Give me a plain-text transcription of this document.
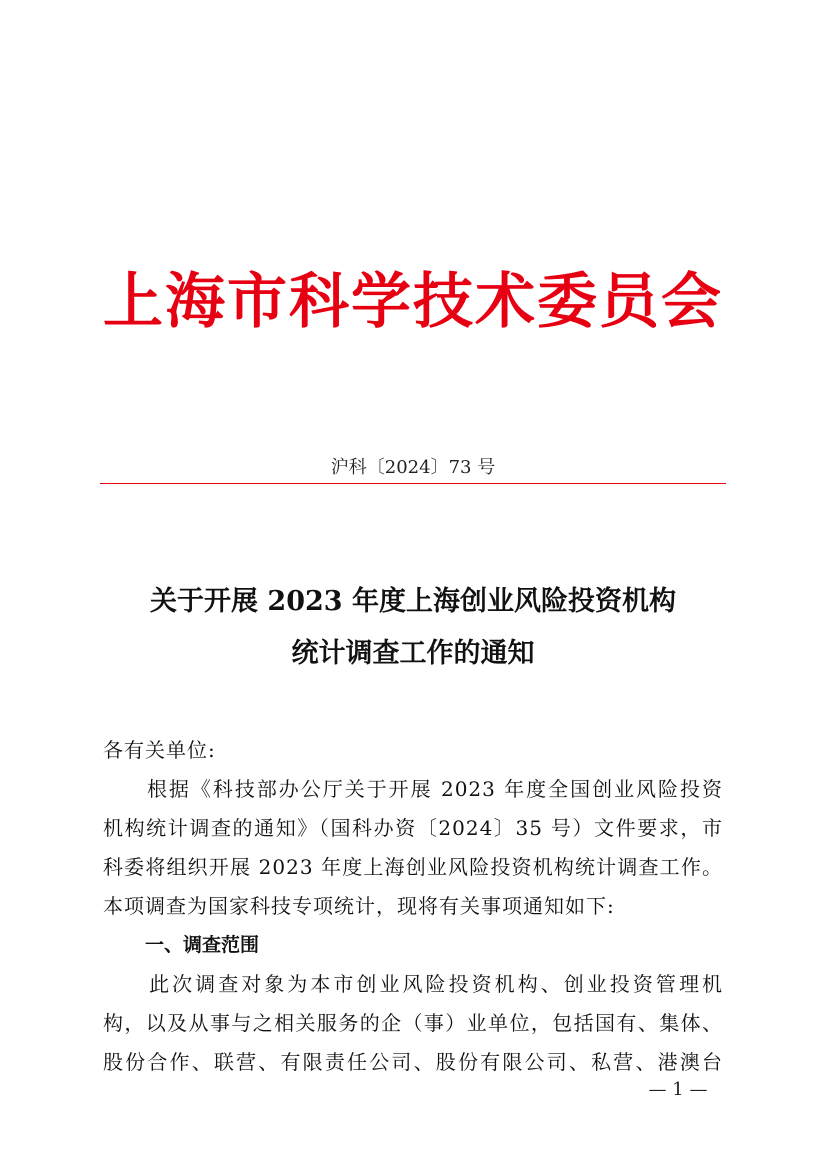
上海市科学技术委员会
沪科〔2024〕73 号
关于开展 2023 年度上海创业风险投资机构
统计调查工作的通知
各有关单位:
　　根据《科技部办公厅关于开展 2023 年度全国创业风险投资
机构统计调查的通知》（国科办资〔2024〕35 号）文件要求，市
科委将组织开展 2023 年度上海创业风险投资机构统计调查工作。
本项调查为国家科技专项统计，现将有关事项通知如下:
一、调查范围
　　此次调查对象为本市创业风险投资机构、创业投资管理机
构，以及从事与之相关服务的企（事）业单位，包括国有、集体、
股份合作、联营、有限责任公司、股份有限公司、私营、港澳台
— 1 —
